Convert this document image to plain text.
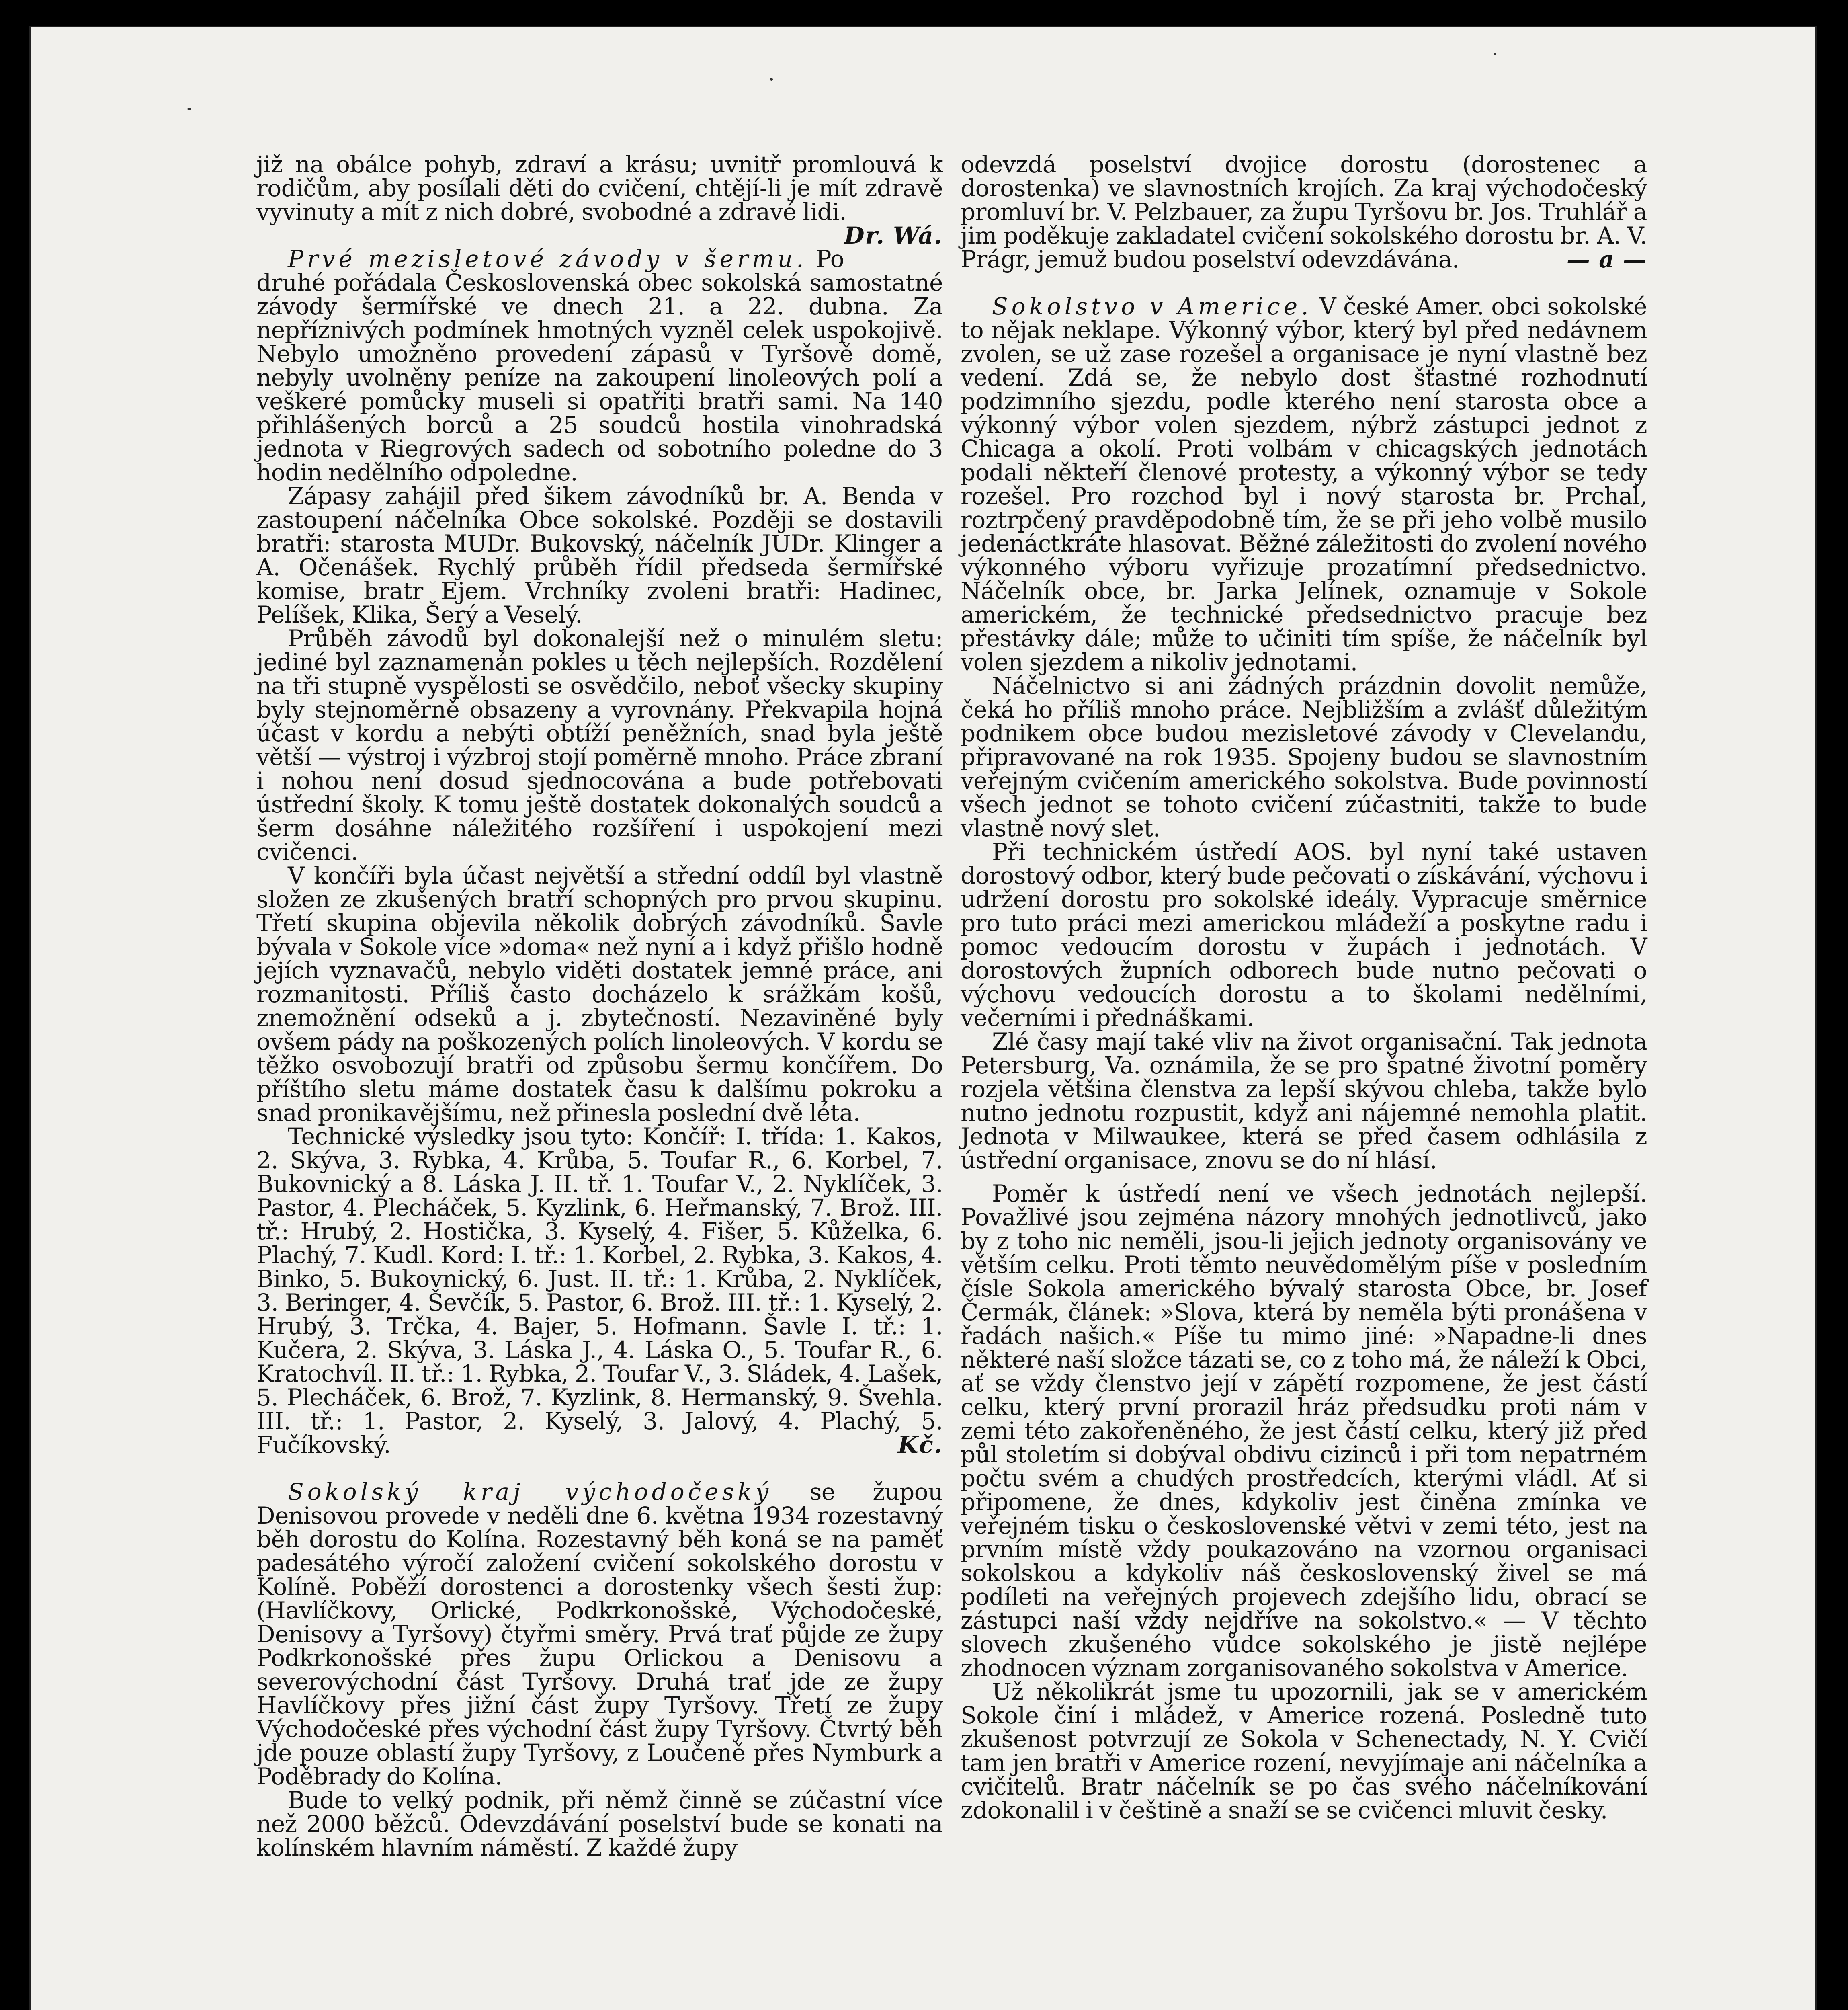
již na obálce pohyb, zdraví a krásu; uvnitř promlouvá k rodičům, aby posílali děti do cvičení, chtějí-li je mít zdravě vyvinuty a mít z nich dobré, svobodné a zdravé lidi.
Dr. Wá.

Prvé mezisletové závody v šermu. Po druhé pořádala Československá obec sokolská samostatné závody šermířské ve dnech 21. a 22. dubna. Za nepříznivých podmínek hmotných vyzněl celek uspokojivě. Nebylo umožněno provedení zápasů v Tyršově domě, nebyly uvolněny peníze na zakoupení linoleových polí a veškeré pomůcky museli si opatřiti bratři sami. Na 140 přihlášených borců a 25 soudců hostila vinohradská jednota v Riegrových sadech od sobotního poledne do 3 hodin nedělního odpoledne.

Zápasy zahájil před šikem závodníků br. A. Benda v zastoupení náčelníka Obce sokolské. Později se dostavili bratři: starosta MUDr. Bukovský, náčelník JUDr. Klinger a A. Očenášek. Rychlý průběh řídil předseda šermířské komise, bratr Ejem. Vrchníky zvoleni bratři: Hadinec, Pelíšek, Klika, Šerý a Veselý.

Průběh závodů byl dokonalejší než o minulém sletu: jediné byl zaznamenán pokles u těch nejlepších. Rozdělení na tři stupně vyspělosti se osvědčilo, neboť všecky skupiny byly stejnoměrně obsazeny a vyrovnány. Překvapila hojná účast v kordu a nebýti obtíží peněžních, snad byla ještě větší — výstroj i výzbroj stojí poměrně mnoho. Práce zbraní i nohou není dosud sjednocována a bude potřebovati ústřední školy. K tomu ještě dostatek dokonalých soudců a šerm dosáhne náležitého rozšíření i uspokojení mezi cvičenci.

V končíři byla účast největší a střední oddíl byl vlastně složen ze zkušených bratří schopných pro prvou skupinu. Třetí skupina objevila několik dobrých závodníků. Šavle bývala v Sokole více »doma« než nyní a i když přišlo hodně jejích vyznavačů, nebylo viděti dostatek jemné práce, ani rozmanitosti. Příliš často docházelo k srážkám košů, znemožnění odseků a j. zbytečností. Nezaviněné byly ovšem pády na poškozených polích linoleových. V kordu se těžko osvobozují bratři od způsobu šermu končířem. Do příštího sletu máme dostatek času k dalšímu pokroku a snad pronikavějšímu, než přinesla poslední dvě léta.

Technické výsledky jsou tyto: Končíř: I. třída: 1. Kakos, 2. Skýva, 3. Rybka, 4. Krůba, 5. Toufar R., 6. Korbel, 7. Bukovnický a 8. Láska J. II. tř. 1. Toufar V., 2. Nyklíček, 3. Pastor, 4. Plecháček, 5. Kyzlink, 6. Heřmanský, 7. Brož. III. tř.: Hrubý, 2. Hostička, 3. Kyselý, 4. Fišer, 5. Kůželka, 6. Plachý, 7. Kudl. Kord: I. tř.: 1. Korbel, 2. Rybka, 3. Kakos, 4. Binko, 5. Bukovnický, 6. Just. II. tř.: 1. Krůba, 2. Nyklíček, 3. Beringer, 4. Ševčík, 5. Pastor, 6. Brož. III. tř.: 1. Kyselý, 2. Hrubý, 3. Trčka, 4. Bajer, 5. Hofmann. Šavle I. tř.: 1. Kučera, 2. Skýva, 3. Láska J., 4. Láska O., 5. Toufar R., 6. Kratochvíl. II. tř.: 1. Rybka, 2. Toufar V., 3. Sládek, 4. Lašek, 5. Plecháček, 6. Brož, 7. Kyzlink, 8. Hermanský, 9. Švehla. III. tř.: 1. Pastor, 2. Kyselý, 3. Jalový, 4. Plachý, 5. Fučíkovský.	Kč.

Sokolský kraj východočeský se župou Denisovou provede v neděli dne 6. května 1934 rozestavný běh dorostu do Kolína. Rozestavný běh koná se na paměť padesátého výročí založení cvičení sokolského dorostu v Kolíně. Poběží dorostenci a dorostenky všech šesti žup: (Havlíčkovy, Orlické, Podkrkonošské, Východočeské, Denisovy a Tyršovy) čtyřmi směry. Prvá trať půjde ze župy Podkrkonošské přes župu Orlickou a Denisovu a severovýchodní část Tyršovy. Druhá trať jde ze župy Havlíčkovy přes jižní část župy Tyršovy. Třetí ze župy Východočeské přes východní část župy Tyršovy. Čtvrtý běh jde pouze oblastí župy Tyršovy, z Loučeně přes Nymburk a Poděbrady do Kolína.

Bude to velký podnik, při němž činně se zúčastní více než 2000 běžců. Odevzdávání poselství bude se konati na kolínském hlavním náměstí. Z každé župy

odevzdá poselství dvojice dorostu (dorostenec a dorostenka) ve slavnostních krojích. Za kraj východočeský promluví br. V. Pelzbauer, za župu Tyršovu br. Jos. Truhlář a jim poděkuje zakladatel cvičení sokolského dorostu br. A. V. Prágr, jemuž budou poselství odevzdávána.	— a —

Sokolstvo v Americe. V české Amer. obci sokolské to nějak neklape. Výkonný výbor, který byl před nedávnem zvolen, se už zase rozešel a organisace je nyní vlastně bez vedení. Zdá se, že nebylo dost šťastné rozhodnutí podzimního sjezdu, podle kterého není starosta obce a výkonný výbor volen sjezdem, nýbrž zástupci jednot z Chicaga a okolí. Proti volbám v chicagských jednotách podali někteří členové protesty, a výkonný výbor se tedy rozešel. Pro rozchod byl i nový starosta br. Prchal, roztrpčený pravděpodobně tím, že se při jeho volbě musilo jedenáctkráte hlasovat. Běžné záležitosti do zvolení nového výkonného výboru vyřizuje prozatímní předsednictvo. Náčelník obce, br. Jarka Jelínek, oznamuje v Sokole americkém, že technické předsednictvo pracuje bez přestávky dále; může to učiniti tím spíše, že náčelník byl volen sjezdem a nikoliv jednotami.

Náčelnictvo si ani žádných prázdnin dovolit nemůže, čeká ho příliš mnoho práce. Nejbližším a zvlášť důležitým podnikem obce budou mezisletové závody v Clevelandu, připravované na rok 1935. Spojeny budou se slavnostním veřejným cvičením amerického sokolstva. Bude povinností všech jednot se tohoto cvičení zúčastniti, takže to bude vlastně nový slet.

Při technickém ústředí AOS. byl nyní také ustaven dorostový odbor, který bude pečovati o získávání, výchovu i udržení dorostu pro sokolské ideály. Vypracuje směrnice pro tuto práci mezi americkou mládeží a poskytne radu i pomoc vedoucím dorostu v župách i jednotách. V dorostových župních odborech bude nutno pečovati o výchovu vedoucích dorostu a to školami nedělními, večerními i přednáškami.

Zlé časy mají také vliv na život organisační. Tak jednota Petersburg, Va. oznámila, že se pro špatné životní poměry rozjela většina členstva za lepší skývou chleba, takže bylo nutno jednotu rozpustit, když ani nájemné nemohla platit. Jednota v Milwaukee, která se před časem odhlásila z ústřední organisace, znovu se do ní hlásí.

Poměr k ústředí není ve všech jednotách nejlepší. Považlivé jsou zejména názory mnohých jednotlivců, jako by z toho nic neměli, jsou-li jejich jednoty organisovány ve větším celku. Proti těmto neuvědomělým píše v posledním čísle Sokola amerického bývalý starosta Obce, br. Josef Čermák, článek: »Slova, která by neměla býti pronášena v řadách našich.« Píše tu mimo jiné: »Napadne-li dnes některé naší složce tázati se, co z toho má, že náleží k Obci, ať se vždy členstvo její v zápětí rozpomene, že jest částí celku, který první prorazil hráz předsudku proti nám v zemi této zakořeněného, že jest částí celku, který již před půl stoletím si dobýval obdivu cizinců i při tom nepatrném počtu svém a chudých prostředcích, kterými vládl. Ať si připomene, že dnes, kdykoliv jest činěna zmínka ve veřejném tisku o československé větvi v zemi této, jest na prvním místě vždy poukazováno na vzornou organisaci sokolskou a kdykoliv náš československý živel se má podíleti na veřejných projevech zdejšího lidu, obrací se zástupci naší vždy nejdříve na sokolstvo.« — V těchto slovech zkušeného vůdce sokolského je jistě nejlépe zhodnocen význam zorganisovaného sokolstva v Americe.

Už několikrát jsme tu upozornili, jak se v americkém Sokole činí i mládež, v Americe rozená. Posledně tuto zkušenost potvrzují ze Sokola v Schenectady, N. Y. Cvičí tam jen bratři v Americe rození, nevyjímaje ani náčelníka a cvičitelů. Bratr náčelník se po čas svého náčelníkování zdokonalil i v češtině a snaží se se cvičenci mluvit česky.
